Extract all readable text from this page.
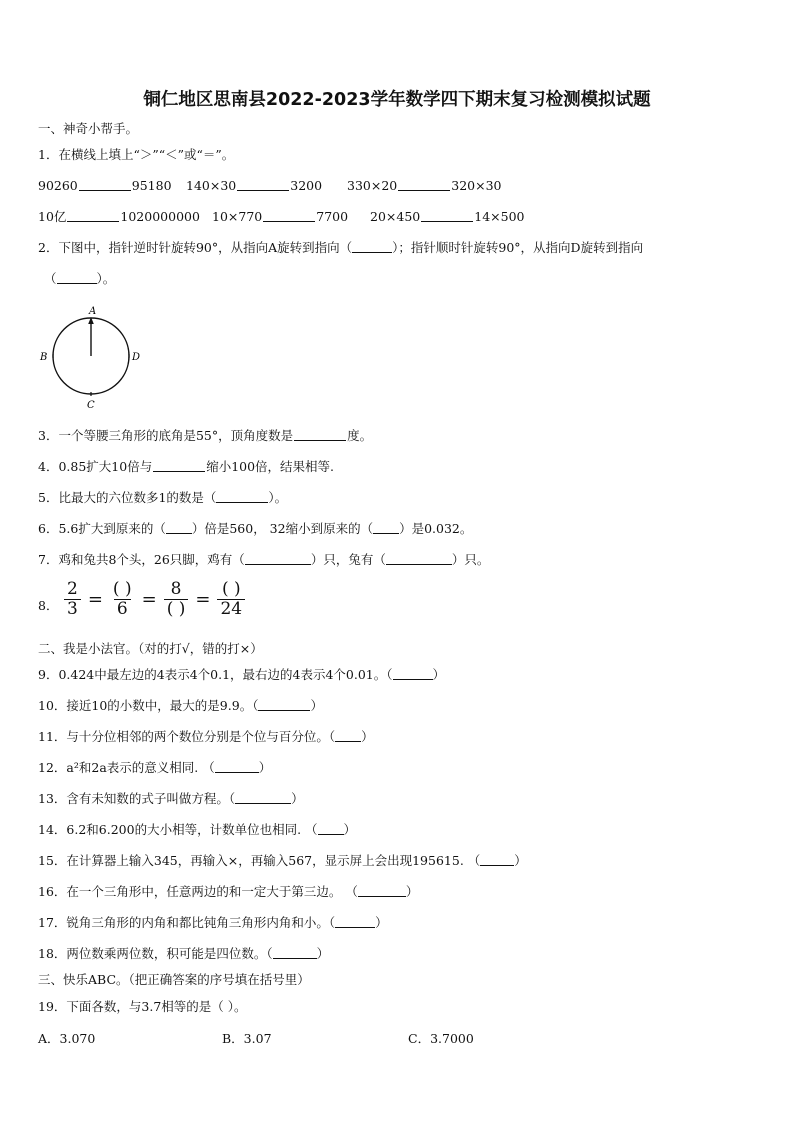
铜仁地区思南县2022-2023学年数学四下期末复习检测模拟试题
一、神奇小帮手。
1．在横线上填上“＞”“＜”或“＝”。
90260	95180 140×30	3200 330×20	320×30
10亿	1020000000 10×770	7700 20×450	14×500
2．下图中，指针逆时针旋转90°，从指向A旋转到指向（	）；指针顺时针旋转90°，从指向D旋转到指向
（	）。
A
B
C
D
3．一个等腰三角形的底角是55°，顶角度数是	度。
4．0.85扩大10倍与	缩小100倍，结果相等.
5．比最大的六位数多1的数是（	）。
6．5.6扩大到原来的（ ）倍是560， 32缩小到原来的（ ）是0.032。
7．鸡和兔共8个头，26只脚，鸡有（	）只，兔有（	）只。
8． $\frac{2}{3} = \frac{( )}{6} = \frac{8}{( )} = \frac{( )}{24}$
二、我是小法官。（对的打√，错的打×）
9．0.424中最左边的4表示4个0.1，最右边的4表示4个0.01。（	）
10．接近10的小数中，最大的是9.9。（	）
11．与十分位相邻的两个数位分别是个位与百分位。（ ）
12．a²和2a表示的意义相同. （	）
13．含有未知数的式子叫做方程。（	）
14．6.2和6.200的大小相等，计数单位也相同. （ ）
15．在计算器上输入345，再输入×，再输入567，显示屏上会出现195615. （	）
16．在一个三角形中，任意两边的和一定大于第三边。 （	）
17．锐角三角形的内角和都比钝角三角形内角和小。（	）
18．两位数乘两位数，积可能是四位数。（	）
三、快乐ABC。（把正确答案的序号填在括号里）
19．下面各数，与3.7相等的是（ ）。
A．3.070	B．3.07	C．3.7000
